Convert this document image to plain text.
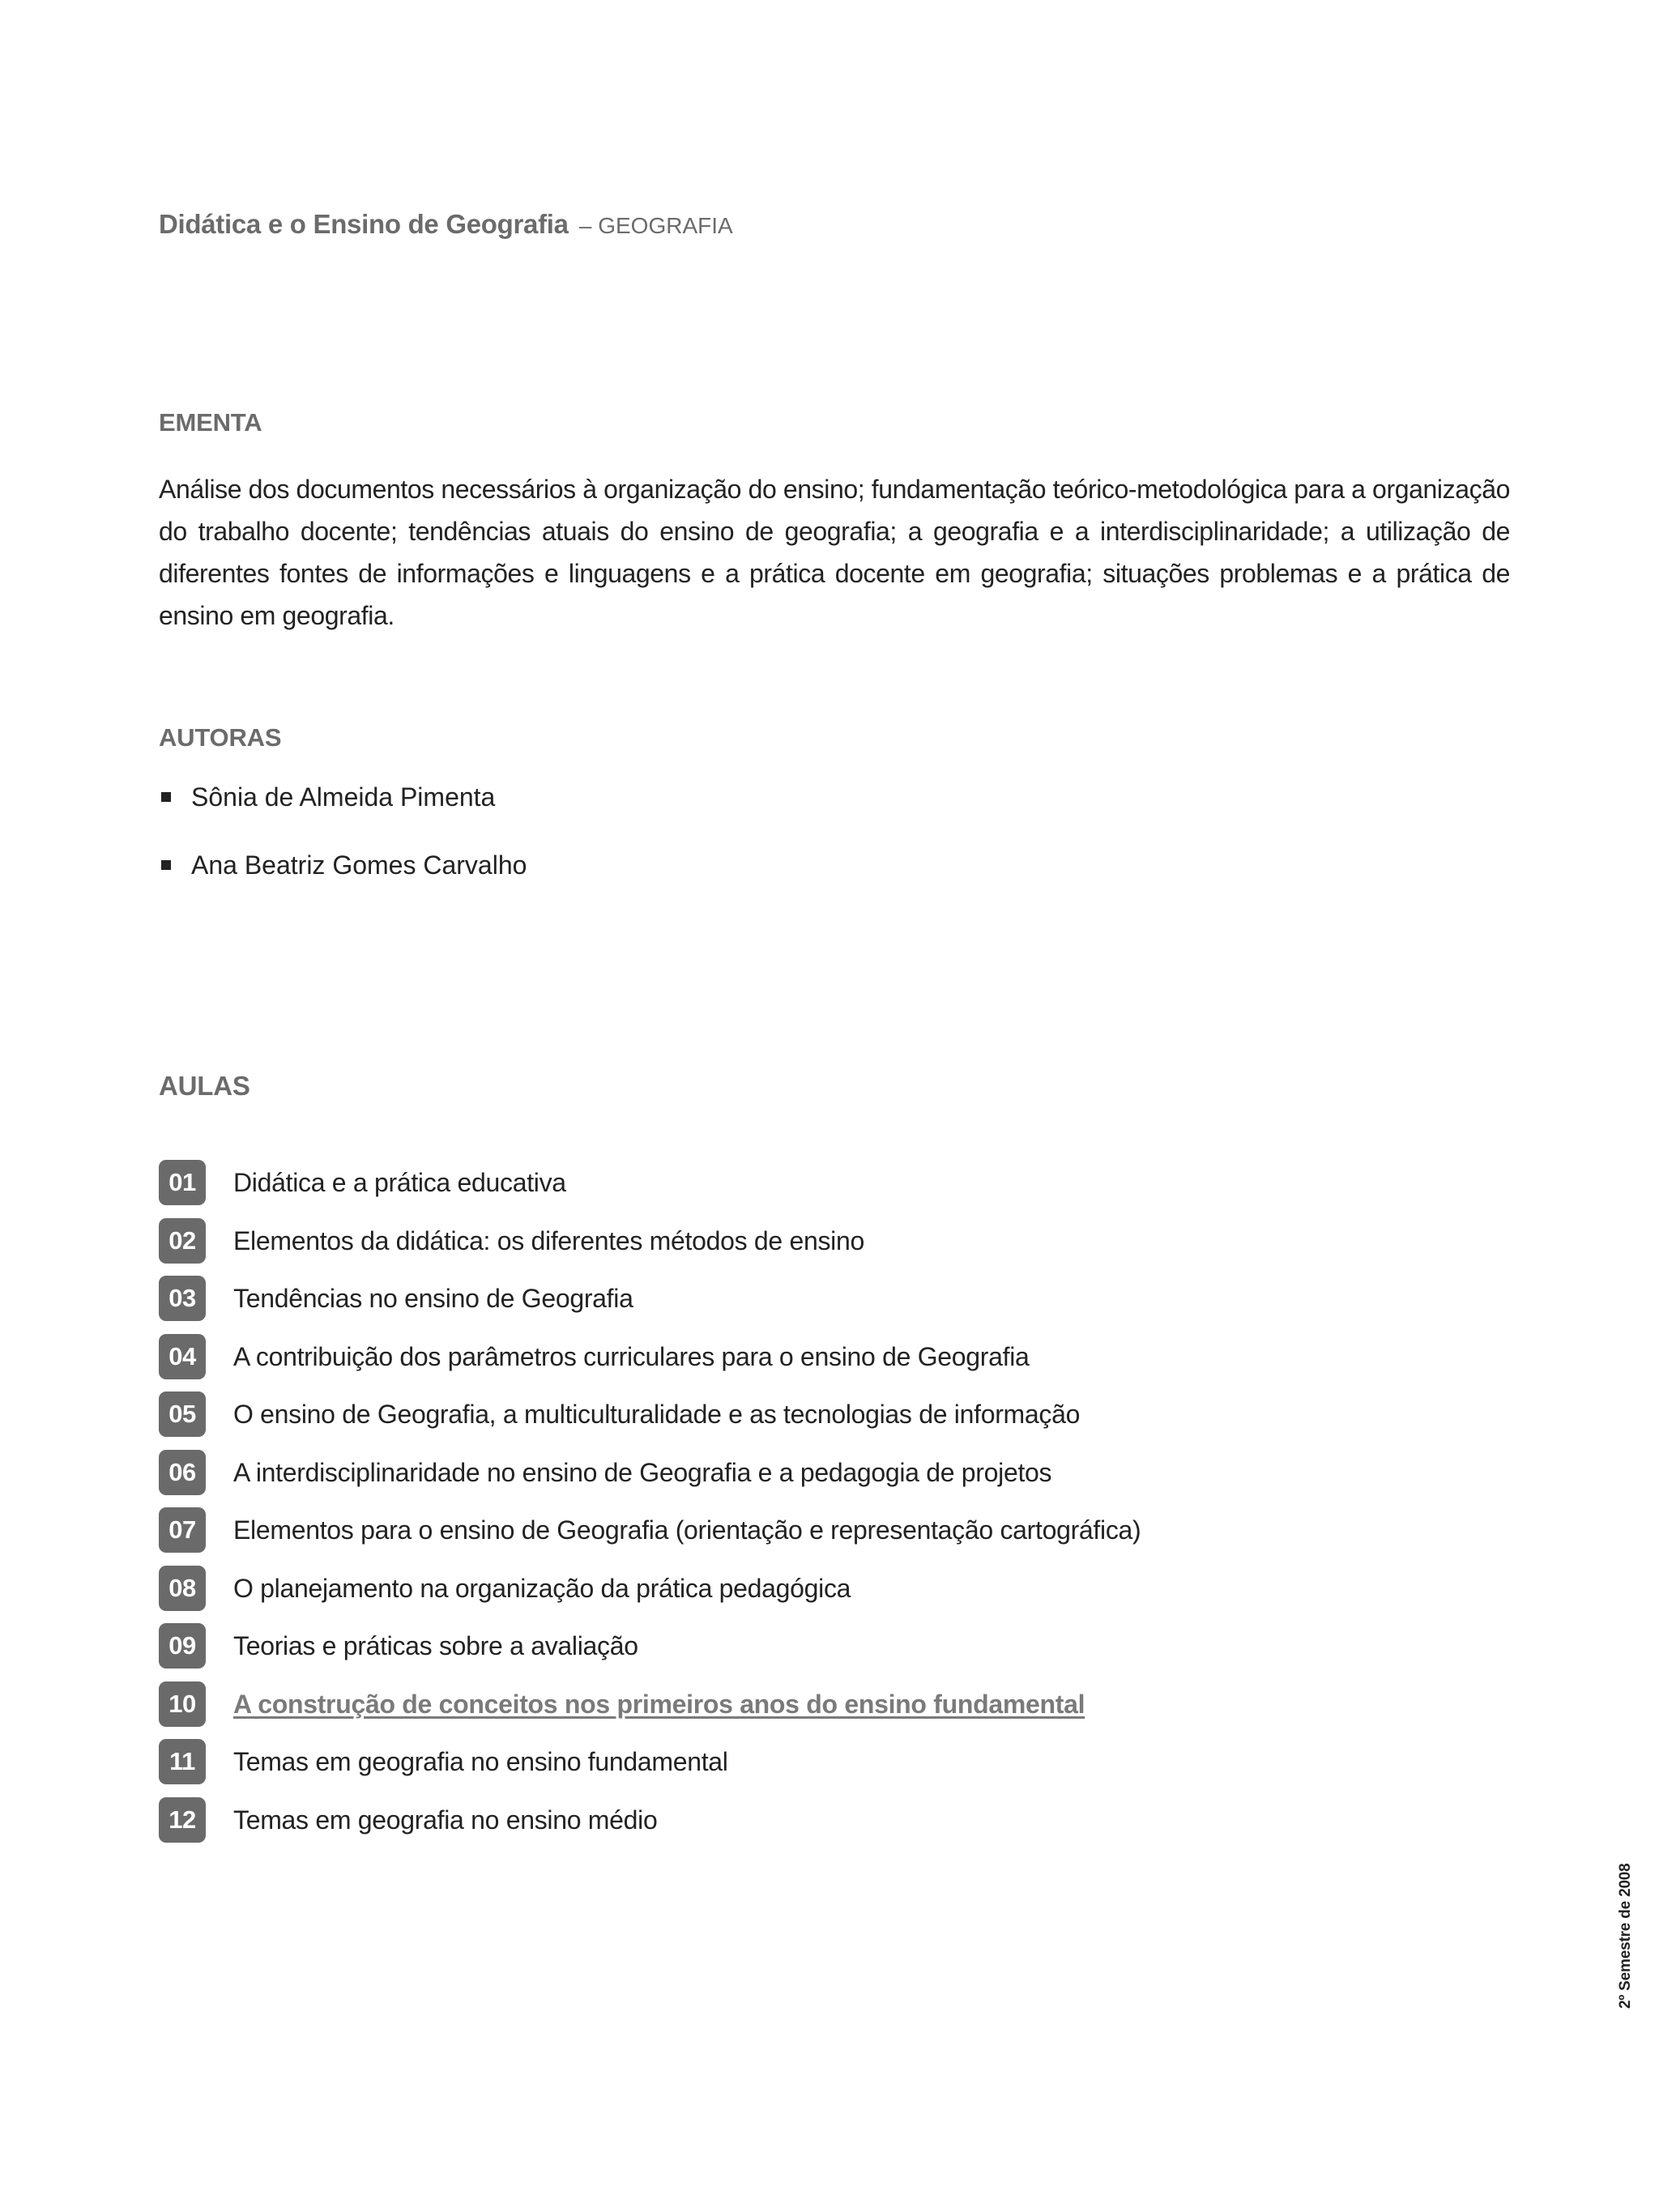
Didática e o Ensino de Geografia – GEOGRAFIA
EMENTA
Análise dos documentos necessários à organização do ensino; fundamentação teórico-metodológica para a organização do trabalho docente; tendências atuais do ensino de geografia; a geografia e a interdisciplinaridade; a utilização de diferentes fontes de informações e linguagens e a prática docente em geografia; situações problemas e a prática de ensino em geografia.
AUTORAS
Sônia de Almeida Pimenta
Ana Beatriz Gomes Carvalho
AULAS
01	Didática e a prática educativa
02	Elementos da didática: os diferentes métodos de ensino
03	Tendências no ensino de Geografia
04	A contribuição dos parâmetros curriculares para o ensino de Geografia
05	O ensino de Geografia, a multiculturalidade e as tecnologias de informação
06	A interdisciplinaridade no ensino de Geografia e a pedagogia de projetos
07	Elementos para o ensino de Geografia (orientação e representação cartográfica)
08	O planejamento na organização da prática pedagógica
09	Teorias e práticas sobre a avaliação
10	A construção de conceitos nos primeiros anos do ensino fundamental
11	Temas em geografia no ensino fundamental
12	Temas em geografia no ensino médio
2º Semestre de 2008
